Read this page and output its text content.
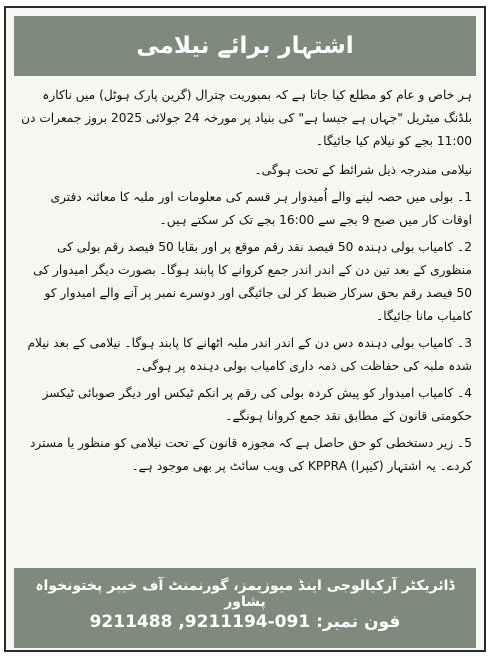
اشتہار برائے نیلامی

ہر خاص و عام کو مطلع کیا جاتا ہے کہ بمبوریت چترال (گرین پارک ہوٹل) میں ناکارہ بلڈنگ میٹریل "جہاں ہے جیسا ہے" کی بنیاد پر مورخہ 24 جولائی 2025 بروز جمعرات دن 11:00 بجے کو نیلام کیا جائیگا۔

نیلامی مندرجہ ذیل شرائط کے تحت ہوگی۔

1۔ بولی میں حصہ لینے والے اُمیدوار ہر قسم کی معلومات اور ملبہ کا معائنہ دفتری اوقات کار میں صبح 9 بجے سے 16:00 بجے تک کر سکتے ہیں۔

2۔ کامیاب بولی دہندہ 50 فیصد نقد رقم موقع پر اور بقایا 50 فیصد رقم بولی کی منظوری کے بعد تین دن کے اندر اندر جمع کروانے کا پابند ہوگا۔ بصورت دیگر امیدوار کی 50 فیصد رقم بحق سرکار ضبط کر لی جائیگی اور دوسرے نمبر پر آنے والے امیدوار کو کامیاب مانا جائیگا۔

3۔ کامیاب بولی دہندہ دس دن کے اندر اندر ملبہ اٹھانے کا پابند ہوگا۔ نیلامی کے بعد نیلام شدہ ملبہ کی حفاظت کی ذمہ داری کامیاب بولی دہندہ پر ہوگی۔

4۔ کامیاب امیدوار کو پیش کردہ بولی کی رقم پر انکم ٹیکس اور دیگر صوبائی ٹیکسز حکومتی قانون کے مطابق نقد جمع کروانا ہونگے۔

5۔ زیر دستخطی کو حق حاصل ہے کہ مجوزہ قانون کے تحت نیلامی کو منظور یا مسترد کردے۔ یہ اشتہار (کیپرا) KPPRA کی ویب سائٹ پر بھی موجود ہے۔

ڈائریکٹر آرکیالوجی اینڈ میوزیمز، گورنمنٹ آف خیبر پختونخواہ پشاور
فون نمبر: 091-9211194, 9211488
